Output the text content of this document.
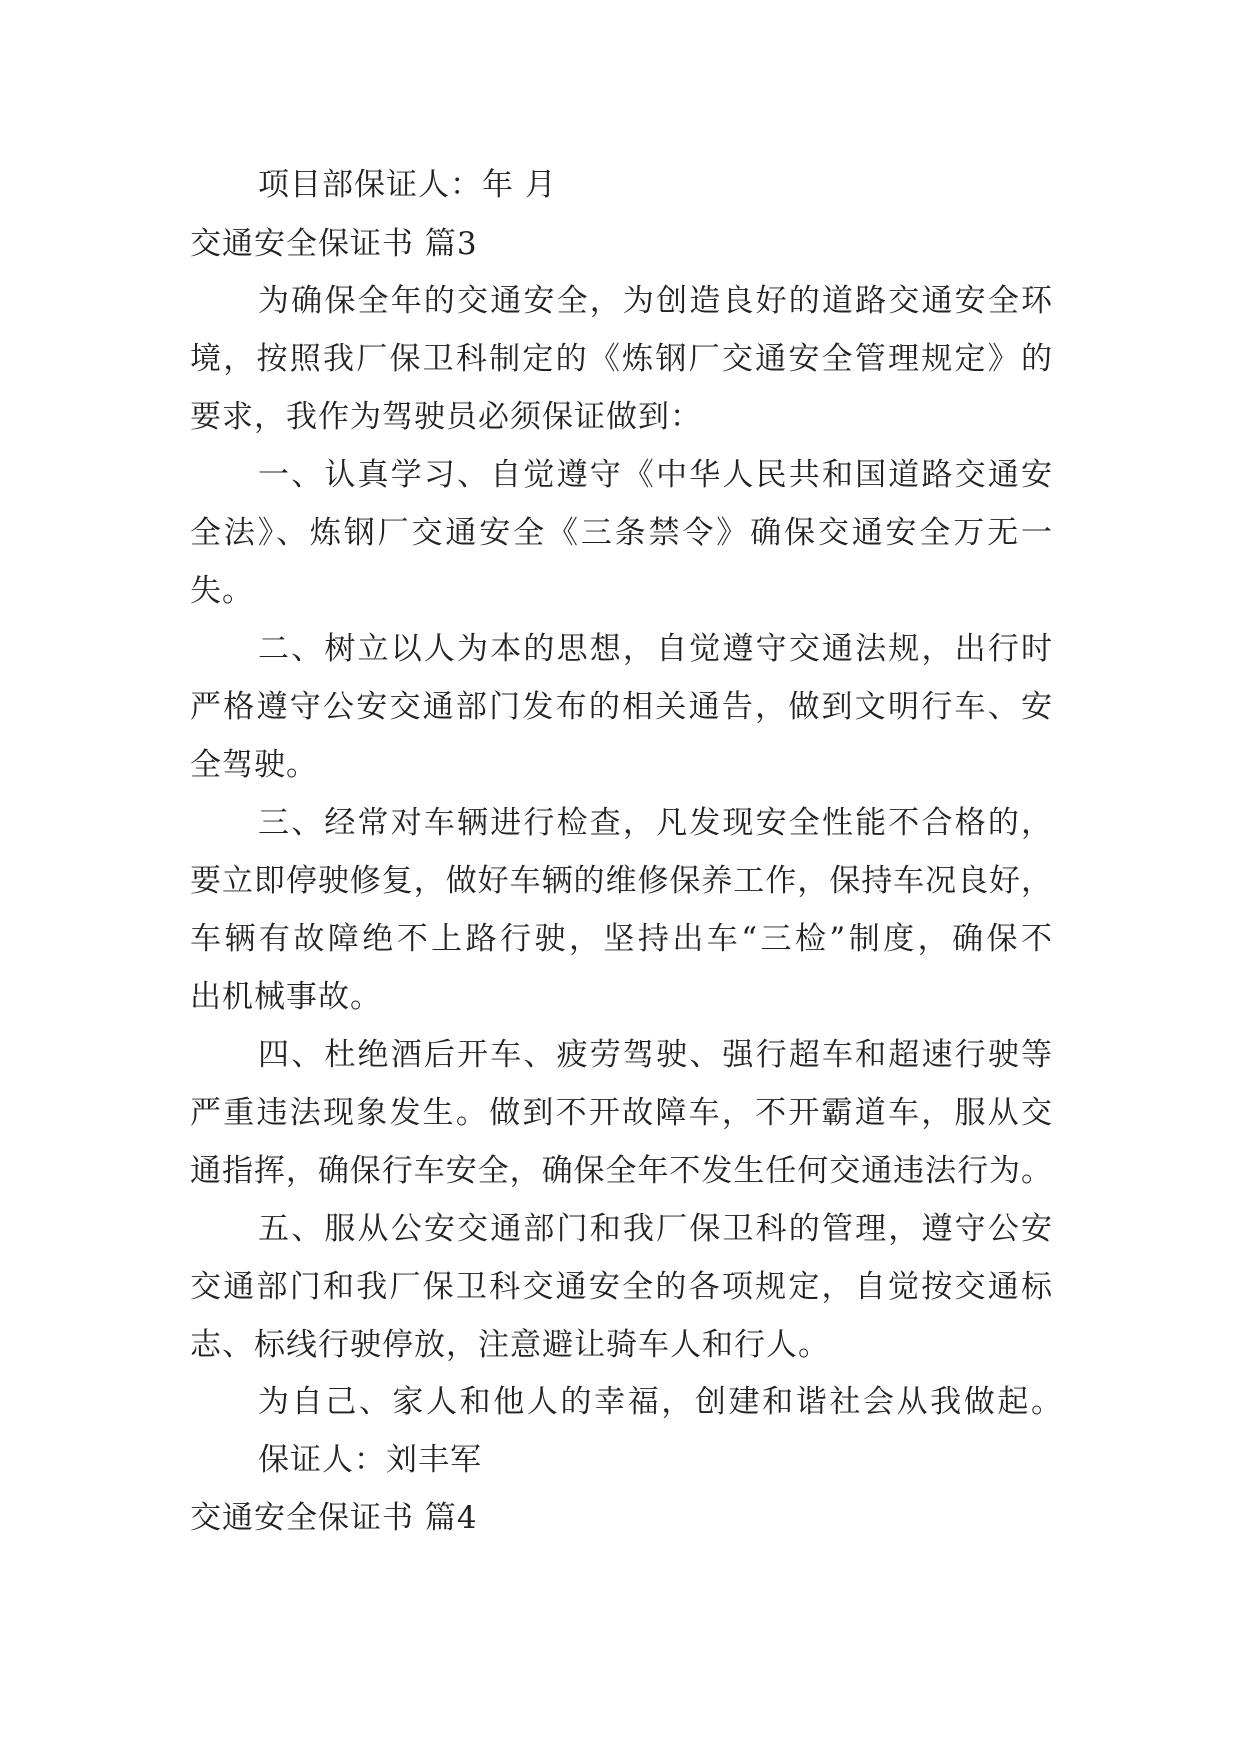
项目部保证人：年 月
交通安全保证书 篇3
为确保全年的交通安全，为创造良好的道路交通安全环
境，按照我厂保卫科制定的《炼钢厂交通安全管理规定》的
要求，我作为驾驶员必须保证做到：
一、认真学习、自觉遵守《中华人民共和国道路交通安
全法》、炼钢厂交通安全《三条禁令》确保交通安全万无一
失。
二、树立以人为本的思想，自觉遵守交通法规，出行时
严格遵守公安交通部门发布的相关通告，做到文明行车、安
全驾驶。
三、经常对车辆进行检查，凡发现安全性能不合格的，
要立即停驶修复，做好车辆的维修保养工作，保持车况良好，
车辆有故障绝不上路行驶，坚持出车“三检”制度，确保不
出机械事故。
四、杜绝酒后开车、疲劳驾驶、强行超车和超速行驶等
严重违法现象发生。做到不开故障车，不开霸道车，服从交
通指挥，确保行车安全，确保全年不发生任何交通违法行为。
五、服从公安交通部门和我厂保卫科的管理，遵守公安
交通部门和我厂保卫科交通安全的各项规定，自觉按交通标
志、标线行驶停放，注意避让骑车人和行人。
为自己、家人和他人的幸福，创建和谐社会从我做起。
保证人：刘丰军
交通安全保证书 篇4
